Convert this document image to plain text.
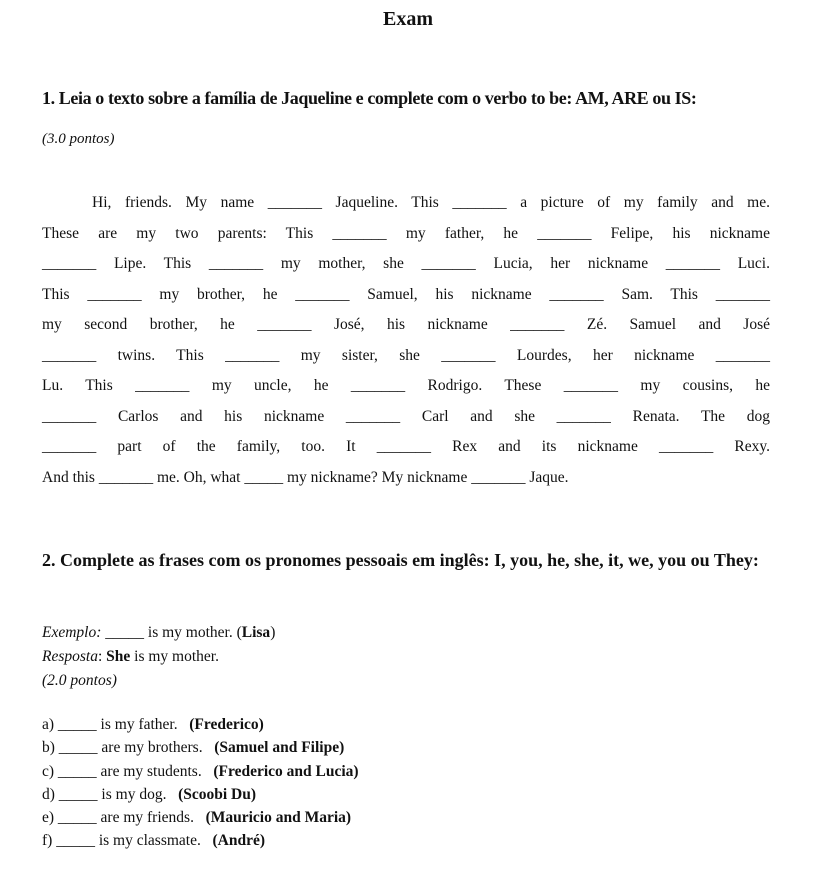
Exam
1. Leia o texto sobre a família de Jaqueline e complete com o verbo to be: AM, ARE ou IS:
(3.0 pontos)
Hi, friends. My name _______ Jaqueline. This _______ a picture of my family and me.
These are my two parents: This _______ my father, he _______ Felipe, his nickname
_______ Lipe. This _______ my mother, she _______ Lucia, her nickname _______ Luci.
This _______ my brother, he _______ Samuel, his nickname _______ Sam. This _______
my second brother, he _______ José, his nickname _______ Zé. Samuel and José
_______ twins. This _______ my sister, she _______ Lourdes, her nickname _______
Lu. This _______ my uncle, he _______ Rodrigo. These _______ my cousins, he
_______ Carlos and his nickname _______ Carl and she _______ Renata. The dog
_______ part of the family, too. It _______ Rex and its nickname _______ Rexy.
And this _______ me. Oh, what _____ my nickname? My nickname _______ Jaque.
2. Complete as frases com os pronomes pessoais em inglês: I, you, he, she, it, we, you ou They:
Exemplo: _____ is my mother. (Lisa)
Resposta: She is my mother.
(2.0 pontos)
a) _____ is my father. (Frederico)
b) _____ are my brothers. (Samuel and Filipe)
c) _____ are my students. (Frederico and Lucia)
d) _____ is my dog. (Scoobi Du)
e) _____ are my friends. (Mauricio and Maria)
f) _____ is my classmate. (André)
